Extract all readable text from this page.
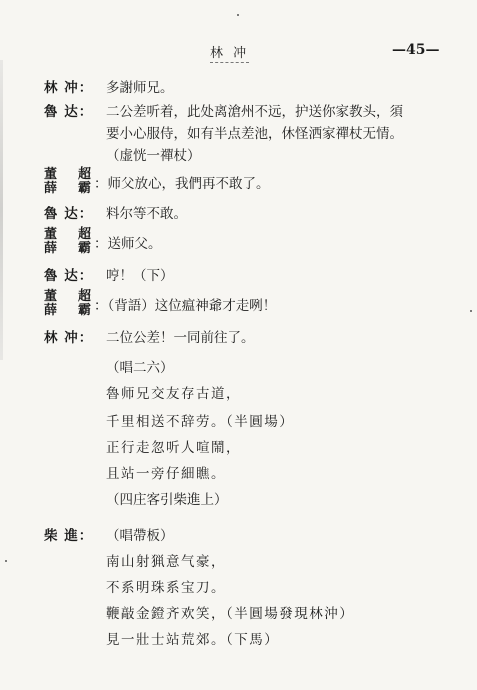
林 冲	—45—
林 冲： 多謝师兄。
魯 达： 二公差听着，此处离滄州不远，护送你家教头，須
要小心服侍，如有半点差池，休怪洒家禪杖无情。
（虚恍一禪杖）
董
薛
超
霸 ：师父放心，我們再不敢了。
魯 达： 料尔等不敢。
董
薛
超
霸 ：送师父。
魯 达： 哼！（下）
董
薛
超
霸 ：（背語）这位瘟神爺才走咧！
林 冲： 二位公差！一同前往了。
（唱二六）
魯师兄交友存古道，
千里相送不辞劳。（半圓場）
正行走忽听人喧鬧，
且站一旁仔細瞧。
（四庄客引柴進上）
柴 進： （唱帶板）
南山射猟意气豪，
不系明珠系宝刀。
鞭敲金鐙齐欢笑，（半圓場發現林沖）
見一壯士站荒郊。（下馬）
